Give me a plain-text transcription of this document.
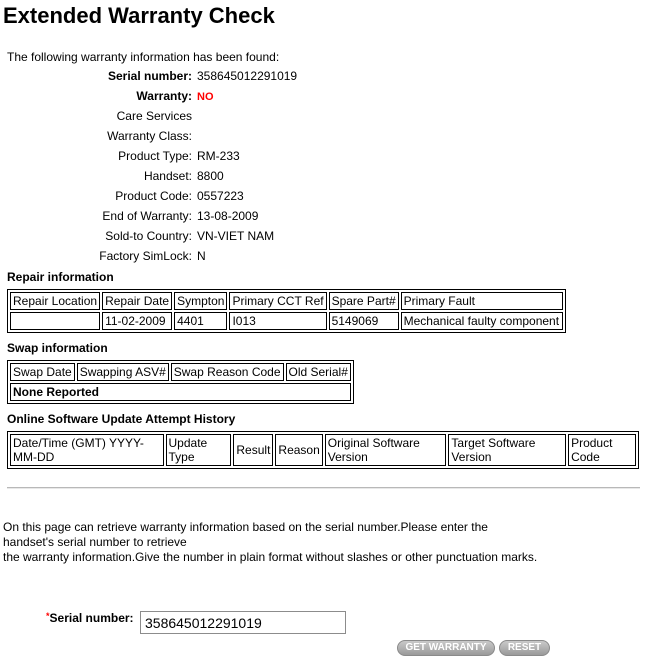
Extended Warranty Check
The following warranty information has been found:
Serial number: 358645012291019
Warranty: NO
Care Services
Warranty Class:
Product Type: RM-233
Handset: 8800
Product Code: 0557223
End of Warranty: 13-08-2009
Sold-to Country: VN-VIET NAM
Factory SimLock: N
Repair information
Repair Location	Repair Date	Sympton	Primary CCT Ref	Spare Part#	Primary Fault
	11-02-2009	4401	I013	5149069	Mechanical faulty component
Swap information
Swap Date	Swapping ASV#	Swap Reason Code	Old Serial#
None Reported
Online Software Update Attempt History
Date/Time (GMT) YYYY-MM-DD	Update Type	Result	Reason	Original Software Version	Target Software Version	Product Code
On this page can retrieve warranty information based on the serial number.Please enter the
handset's serial number to retrieve
the warranty information.Give the number in plain format without slashes or other punctuation marks.
*Serial number:
358645012291019
GET WARRANTY	RESET
